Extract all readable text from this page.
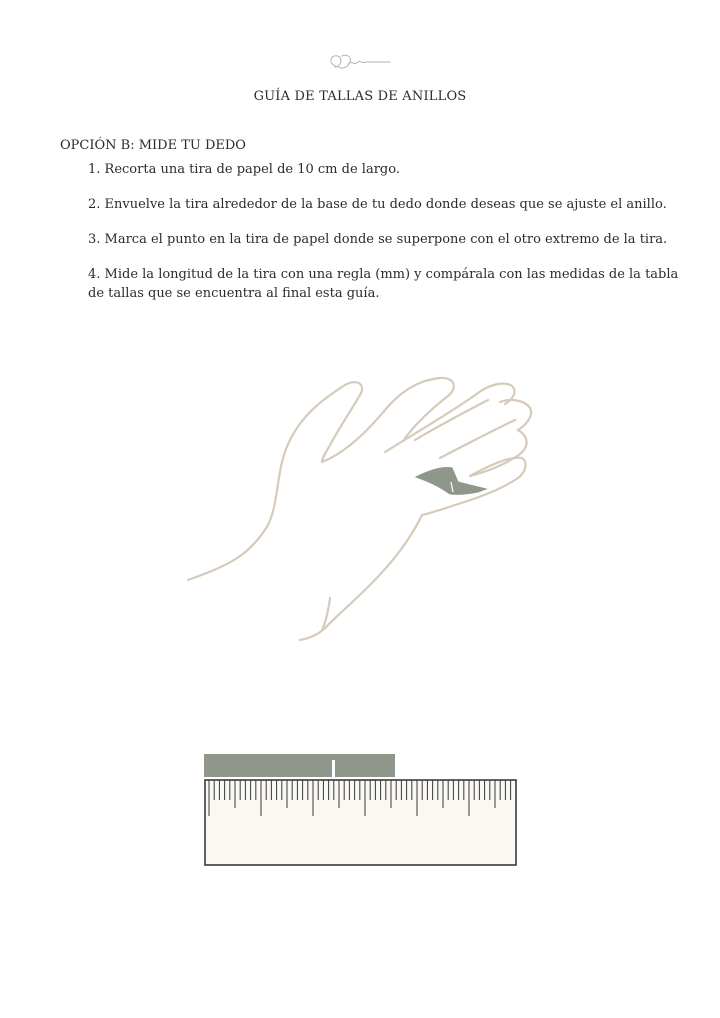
GUÍA DE TALLAS DE ANILLOS
OPCIÓN B: MIDE TU DEDO
1. Recorta una tira de papel de 10 cm de largo.
2. Envuelve la tira alrededor de la base de tu dedo donde deseas que se ajuste el anillo.
3. Marca el punto en la tira de papel donde se superpone con el otro extremo de la tira.
4. Mide la longitud de la tira con una regla (mm) y compárala con las medidas de la tabla de tallas que se encuentra al final esta guía.
